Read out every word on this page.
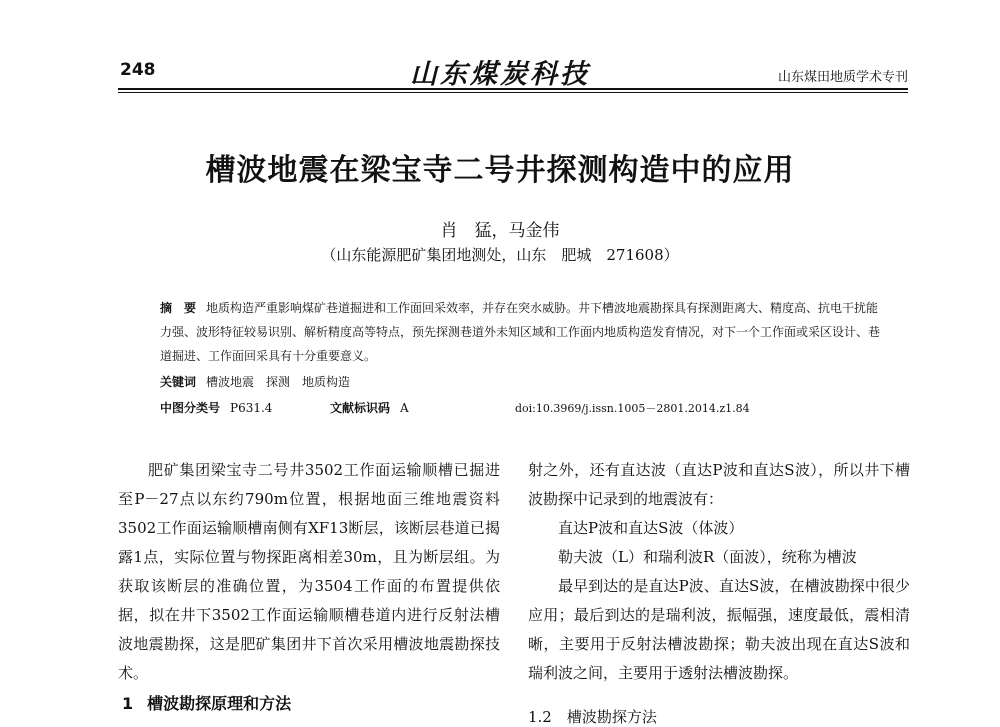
248	山东煤炭科技	山东煤田地质学术专刊
槽波地震在梁宝寺二号井探测构造中的应用
肖　猛，马金伟
（山东能源肥矿集团地测处，山东　肥城　271608）
摘　要 地质构造严重影响煤矿巷道掘进和工作面回采效率，并存在突水威胁。井下槽波地震勘探具有探测距离大、精度高、抗电干扰能力强、波形特征较易识别、解析精度高等特点，预先探测巷道外未知区域和工作面内地质构造发育情况，对下一个工作面或采区设计、巷道掘进、工作面回采具有十分重要意义。
关键词 槽波地震　探测　地质构造
中图分类号 P631.4	文献标识码 A	doi:10.3969/j.issn.1005－2801.2014.z1.84

肥矿集团梁宝寺二号井3502工作面运输顺槽已掘进至P－27点以东约790m位置，根据地面三维地震资料3502工作面运输顺槽南侧有XF13断层，该断层巷道已揭露1点，实际位置与物探距离相差30m，且为断层组。为获取该断层的准确位置，为3504工作面的布置提供依据，拟在井下3502工作面运输顺槽巷道内进行反射法槽波地震勘探，这是肥矿集团井下首次采用槽波地震勘探技术。

1 槽波勘探原理和方法

射之外，还有直达波（直达P波和直达S波），所以井下槽波勘探中记录到的地震波有：

直达P波和直达S波（体波）

勒夫波（L）和瑞利波R（面波），统称为槽波

最早到达的是直达P波、直达S波，在槽波勘探中很少应用；最后到达的是瑞利波，振幅强，速度最低，震相清晰，主要用于反射法槽波勘探；勒夫波出现在直达S波和瑞利波之间，主要用于透射法槽波勘探。

1.2　槽波勘探方法
